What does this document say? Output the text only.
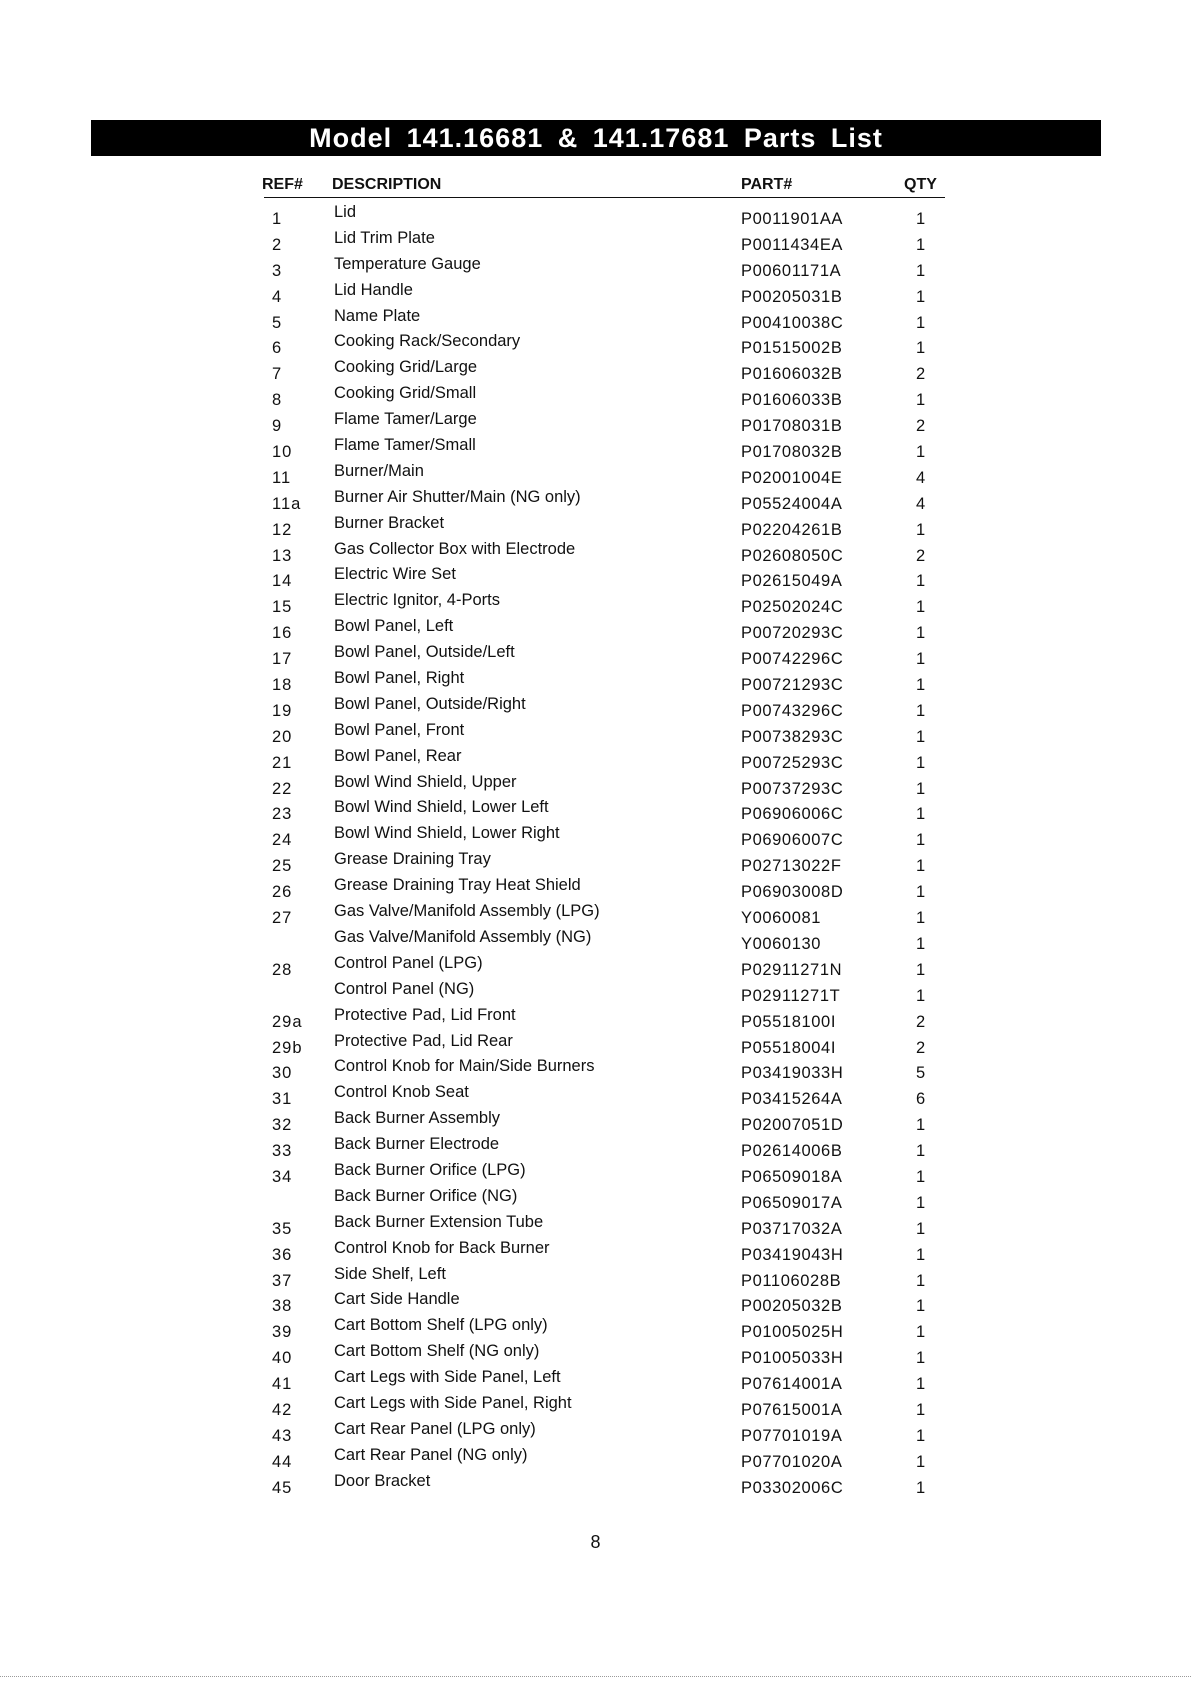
Model 141.16681 & 141.17681 Parts List
REF# DESCRIPTION	PART#	QTY
1	Lid	P0011901AA	1
2	Lid Trim Plate	P0011434EA	1
3	Temperature Gauge	P00601171A	1
4	Lid Handle	P00205031B	1
5	Name Plate	P00410038C	1
6	Cooking Rack/Secondary	P01515002B	1
7	Cooking Grid/Large	P01606032B	2
8	Cooking Grid/Small	P01606033B	1
9	Flame Tamer/Large	P01708031B	2
10	Flame Tamer/Small	P01708032B	1
11	Burner/Main	P02001004E	4
11a Burner Air Shutter/Main (NG only)	P05524004A	4
12	Burner Bracket	P02204261B	1
13	Gas Collector Box with Electrode	P02608050C	2
14	Electric Wire Set	P02615049A	1
15	Electric Ignitor, 4-Ports	P02502024C	1
16	Bowl Panel, Left	P00720293C	1
17	Bowl Panel, Outside/Left	P00742296C	1
18	Bowl Panel, Right	P00721293C	1
19	Bowl Panel, Outside/Right	P00743296C	1
20	Bowl Panel, Front	P00738293C	1
21	Bowl Panel, Rear	P00725293C	1
22	Bowl Wind Shield, Upper	P00737293C	1
23	Bowl Wind Shield, Lower Left	P06906006C	1
24	Bowl Wind Shield, Lower Right	P06906007C	1
25	Grease Draining Tray	P02713022F	1
26	Grease Draining Tray Heat Shield	P06903008D	1
27	Gas Valve/Manifold Assembly (LPG)	Y0060081	1
Gas Valve/Manifold Assembly (NG)	Y0060130	1
28	Control Panel (LPG)	P02911271N	1
Control Panel (NG)	P02911271T	1
29a Protective Pad, Lid Front	P05518100I	2
29b Protective Pad, Lid Rear	P05518004I	2
30	Control Knob for Main/Side Burners	P03419033H	5
31	Control Knob Seat	P03415264A	6
32	Back Burner Assembly	P02007051D	1
33	Back Burner Electrode	P02614006B	1
34	Back Burner Orifice (LPG)	P06509018A	1
Back Burner Orifice (NG)	P06509017A	1
35	Back Burner Extension Tube	P03717032A	1
36	Control Knob for Back Burner	P03419043H	1
37	Side Shelf, Left	P01106028B	1
38	Cart Side Handle	P00205032B	1
39	Cart Bottom Shelf (LPG only)	P01005025H	1
40	Cart Bottom Shelf (NG only)	P01005033H	1
41	Cart Legs with Side Panel, Left	P07614001A	1
42	Cart Legs with Side Panel, Right	P07615001A	1
43	Cart Rear Panel (LPG only)	P07701019A	1
44	Cart Rear Panel (NG only)	P07701020A	1
45	Door Bracket	P03302006C	1
8
